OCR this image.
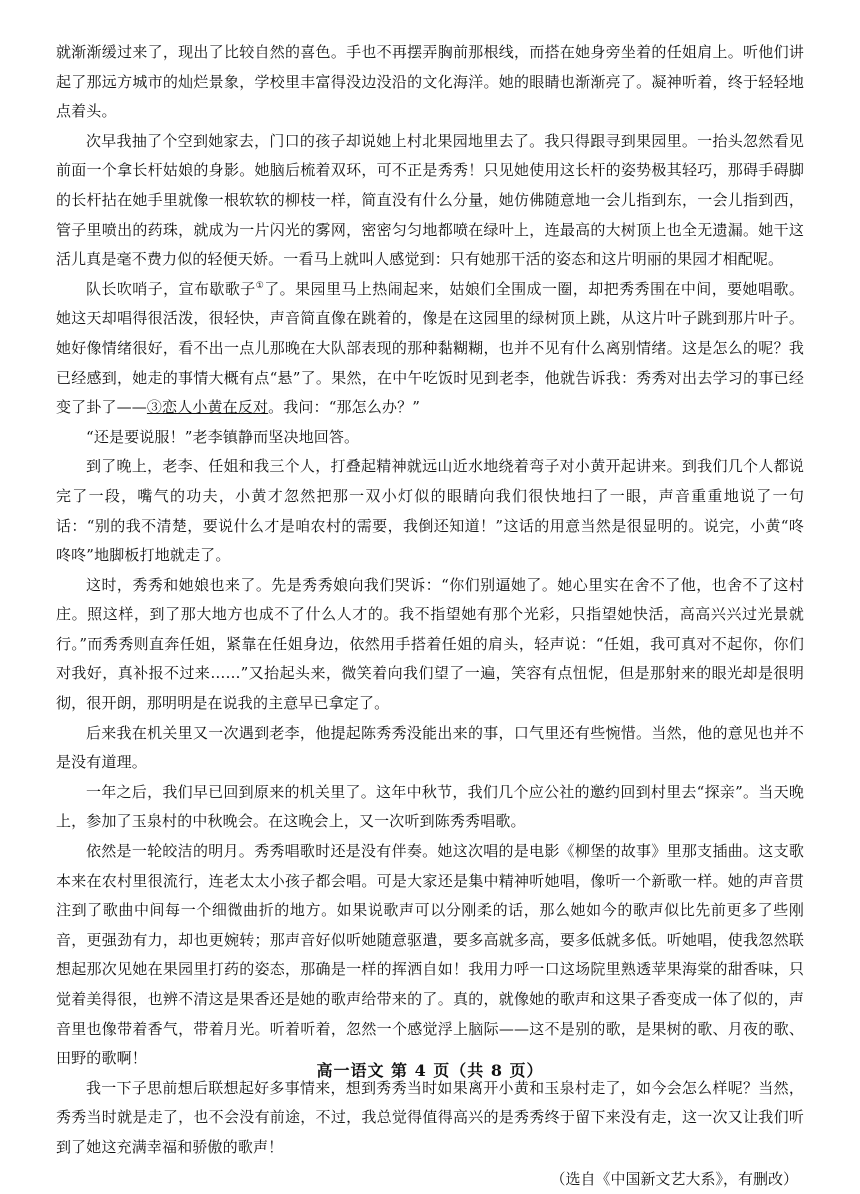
就渐渐缓过来了，现出了比较自然的喜色。手也不再摆弄胸前那根线，而搭在她身旁坐着的任姐肩上。听他们讲起了那远方城市的灿烂景象，学校里丰富得没边没沿的文化海洋。她的眼睛也渐渐亮了。凝神听着，终于轻轻地点着头。

次早我抽了个空到她家去，门口的孩子却说她上村北果园地里去了。我只得跟寻到果园里。一抬头忽然看见前面一个拿长杆姑娘的身影。她脑后梳着双环，可不正是秀秀！只见她使用这长杆的姿势极其轻巧，那碍手碍脚的长杆拈在她手里就像一根软软的柳枝一样，简直没有什么分量，她仿佛随意地一会儿指到东，一会儿指到西，管子里喷出的药珠，就成为一片闪光的雾网，密密匀匀地都喷在绿叶上，连最高的大树顶上也全无遗漏。她干这活儿真是毫不费力似的轻便天娇。一看马上就叫人感觉到：只有她那干活的姿态和这片明丽的果园才相配呢。

队长吹哨子，宣布歇歌子①了。果园里马上热闹起来，姑娘们全围成一圈，却把秀秀围在中间，要她唱歌。她这天却唱得很活泼，很轻快，声音简直像在跳着的，像是在这园里的绿树顶上跳，从这片叶子跳到那片叶子。她好像情绪很好，看不出一点儿那晚在大队部表现的那种黏糊糊，也并不见有什么离别情绪。这是怎么的呢？我已经感到，她走的事情大概有点“悬”了。果然，在中午吃饭时见到老李，他就告诉我：秀秀对出去学习的事已经变了卦了——③恋人小黄在反对。我问：“那怎么办？”

“还是要说服！”老李镇静而坚决地回答。

到了晚上，老李、任姐和我三个人，打叠起精神就远山近水地绕着弯子对小黄开起讲来。到我们几个人都说完了一段，嘴气的功夫，小黄才忽然把那一双小灯似的眼睛向我们很快地扫了一眼，声音重重地说了一句话：“别的我不清楚，要说什么才是咱农村的需要，我倒还知道！”这话的用意当然是很显明的。说完，小黄“咚咚咚”地脚板打地就走了。

这时，秀秀和她娘也来了。先是秀秀娘向我们哭诉：“你们别逼她了。她心里实在舍不了他，也舍不了这村庄。照这样，到了那大地方也成不了什么人才的。我不指望她有那个光彩，只指望她快活，高高兴兴过光景就行。”而秀秀则直奔任姐，紧靠在任姐身边，依然用手搭着任姐的肩头，轻声说：“任姐，我可真对不起你，你们对我好，真补报不过来……”又抬起头来，微笑着向我们望了一遍，笑容有点忸怩，但是那射来的眼光却是很明彻，很开朗，那明明是在说我的主意早已拿定了。

后来我在机关里又一次遇到老李，他提起陈秀秀没能出来的事，口气里还有些惋惜。当然，他的意见也并不是没有道理。

一年之后，我们早已回到原来的机关里了。这年中秋节，我们几个应公社的邀约回到村里去“探亲”。当天晚上，参加了玉泉村的中秋晚会。在这晚会上，又一次听到陈秀秀唱歌。

依然是一轮皎洁的明月。秀秀唱歌时还是没有伴奏。她这次唱的是电影《柳堡的故事》里那支插曲。这支歌本来在农村里很流行，连老太太小孩子都会唱。可是大家还是集中精神听她唱，像听一个新歌一样。她的声音贯注到了歌曲中间每一个细微曲折的地方。如果说歌声可以分刚柔的话，那么她如今的歌声似比先前更多了些刚音，更强劲有力，却也更婉转；那声音好似听她随意驱遣，要多高就多高，要多低就多低。听她唱，使我忽然联想起那次见她在果园里打药的姿态，那确是一样的挥洒自如！我用力呼一口这场院里熟透苹果海棠的甜香味，只觉着美得很，也辨不清这是果香还是她的歌声给带来的了。真的，就像她的歌声和这果子香变成一体了似的，声音里也像带着香气，带着月光。听着听着，忽然一个感觉浮上脑际——这不是别的歌，是果树的歌、月夜的歌、田野的歌啊！

我一下子思前想后联想起好多事情来，想到秀秀当时如果离开小黄和玉泉村走了，如今会怎么样呢？当然，秀秀当时就是走了，也不会没有前途，不过，我总觉得值得高兴的是秀秀终于留下来没有走，这一次又让我们听到了她这充满幸福和骄傲的歌声！

（选自《中国新文艺大系》，有删改）

高一语文 第 4 页（共 8 页）
